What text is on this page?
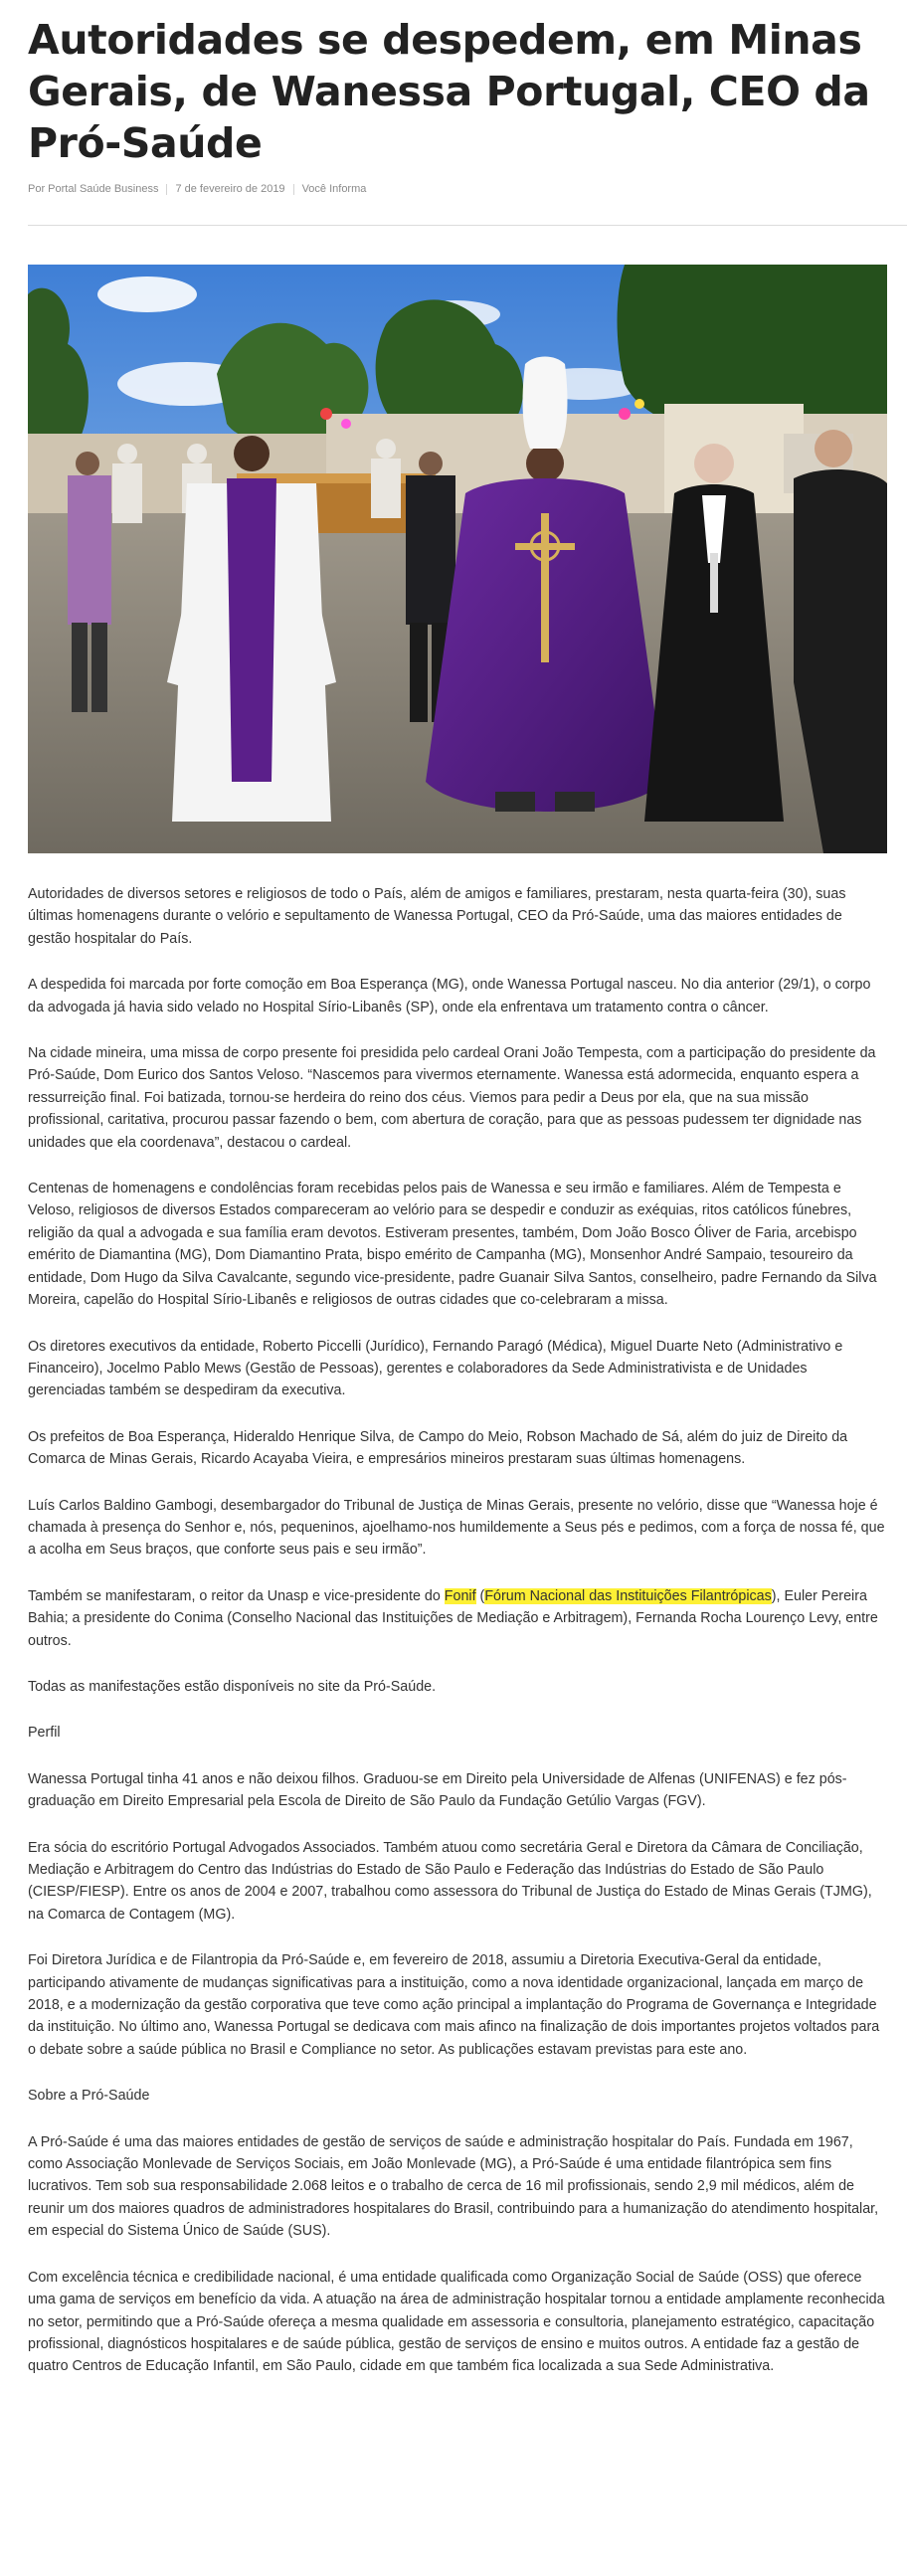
Autoridades se despedem, em Minas Gerais, de Wanessa Portugal, CEO da Pró-Saúde
Por Portal Saúde Business 7 de fevereiro de 2019 Você Informa

Autoridades de diversos setores e religiosos de todo o País, além de amigos e familiares, prestaram, nesta quarta-feira (30), suas últimas homenagens durante o velório e sepultamento de Wanessa Portugal, CEO da Pró-Saúde, uma das maiores entidades de gestão hospitalar do País.

A despedida foi marcada por forte comoção em Boa Esperança (MG), onde Wanessa Portugal nasceu. No dia anterior (29/1), o corpo da advogada já havia sido velado no Hospital Sírio-Libanês (SP), onde ela enfrentava um tratamento contra o câncer.

Na cidade mineira, uma missa de corpo presente foi presidida pelo cardeal Orani João Tempesta, com a participação do presidente da Pró-Saúde, Dom Eurico dos Santos Veloso. “Nascemos para vivermos eternamente. Wanessa está adormecida, enquanto espera a ressurreição final. Foi batizada, tornou-se herdeira do reino dos céus. Viemos para pedir a Deus por ela, que na sua missão profissional, caritativa, procurou passar fazendo o bem, com abertura de coração, para que as pessoas pudessem ter dignidade nas unidades que ela coordenava”, destacou o cardeal.

Centenas de homenagens e condolências foram recebidas pelos pais de Wanessa e seu irmão e familiares. Além de Tempesta e Veloso, religiosos de diversos Estados compareceram ao velório para se despedir e conduzir as exéquias, ritos católicos fúnebres, religião da qual a advogada e sua família eram devotos. Estiveram presentes, também, Dom João Bosco Óliver de Faria, arcebispo emérito de Diamantina (MG), Dom Diamantino Prata, bispo emérito de Campanha (MG), Monsenhor André Sampaio, tesoureiro da entidade, Dom Hugo da Silva Cavalcante, segundo vice-presidente, padre Guanair Silva Santos, conselheiro, padre Fernando da Silva Moreira, capelão do Hospital Sírio-Libanês e religiosos de outras cidades que co-celebraram a missa.

Os diretores executivos da entidade, Roberto Piccelli (Jurídico), Fernando Paragó (Médica), Miguel Duarte Neto (Administrativo e Financeiro), Jocelmo Pablo Mews (Gestão de Pessoas), gerentes e colaboradores da Sede Administrativista e de Unidades gerenciadas também se despediram da executiva.

Os prefeitos de Boa Esperança, Hideraldo Henrique Silva, de Campo do Meio, Robson Machado de Sá, além do juiz de Direito da Comarca de Minas Gerais, Ricardo Acayaba Vieira, e empresários mineiros prestaram suas últimas homenagens.

Luís Carlos Baldino Gambogi, desembargador do Tribunal de Justiça de Minas Gerais, presente no velório, disse que “Wanessa hoje é chamada à presença do Senhor e, nós, pequeninos, ajoelhamo-nos humildemente a Seus pés e pedimos, com a força de nossa fé, que a acolha em Seus braços, que conforte seus pais e seu irmão”.

Também se manifestaram, o reitor da Unasp e vice-presidente do Fonif (Fórum Nacional das Instituições Filantrópicas), Euler Pereira Bahia; a presidente do Conima (Conselho Nacional das Instituições de Mediação e Arbitragem), Fernanda Rocha Lourenço Levy, entre outros.

Todas as manifestações estão disponíveis no site da Pró-Saúde.

Perfil

Wanessa Portugal tinha 41 anos e não deixou filhos. Graduou-se em Direito pela Universidade de Alfenas (UNIFENAS) e fez pós-graduação em Direito Empresarial pela Escola de Direito de São Paulo da Fundação Getúlio Vargas (FGV).

Era sócia do escritório Portugal Advogados Associados. Também atuou como secretária Geral e Diretora da Câmara de Conciliação, Mediação e Arbitragem do Centro das Indústrias do Estado de São Paulo e Federação das Indústrias do Estado de São Paulo (CIESP/FIESP). Entre os anos de 2004 e 2007, trabalhou como assessora do Tribunal de Justiça do Estado de Minas Gerais (TJMG), na Comarca de Contagem (MG).

Foi Diretora Jurídica e de Filantropia da Pró-Saúde e, em fevereiro de 2018, assumiu a Diretoria Executiva-Geral da entidade, participando ativamente de mudanças significativas para a instituição, como a nova identidade organizacional, lançada em março de 2018, e a modernização da gestão corporativa que teve como ação principal a implantação do Programa de Governança e Integridade da instituição. No último ano, Wanessa Portugal se dedicava com mais afinco na finalização de dois importantes projetos voltados para o debate sobre a saúde pública no Brasil e Compliance no setor. As publicações estavam previstas para este ano.

Sobre a Pró-Saúde

A Pró-Saúde é uma das maiores entidades de gestão de serviços de saúde e administração hospitalar do País. Fundada em 1967, como Associação Monlevade de Serviços Sociais, em João Monlevade (MG), a Pró-Saúde é uma entidade filantrópica sem fins lucrativos. Tem sob sua responsabilidade 2.068 leitos e o trabalho de cerca de 16 mil profissionais, sendo 2,9 mil médicos, além de reunir um dos maiores quadros de administradores hospitalares do Brasil, contribuindo para a humanização do atendimento hospitalar, em especial do Sistema Único de Saúde (SUS).

Com excelência técnica e credibilidade nacional, é uma entidade qualificada como Organização Social de Saúde (OSS) que oferece uma gama de serviços em benefício da vida. A atuação na área de administração hospitalar tornou a entidade amplamente reconhecida no setor, permitindo que a Pró-Saúde ofereça a mesma qualidade em assessoria e consultoria, planejamento estratégico, capacitação profissional, diagnósticos hospitalares e de saúde pública, gestão de serviços de ensino e muitos outros. A entidade faz a gestão de quatro Centros de Educação Infantil, em São Paulo, cidade em que também fica localizada a sua Sede Administrativa.
